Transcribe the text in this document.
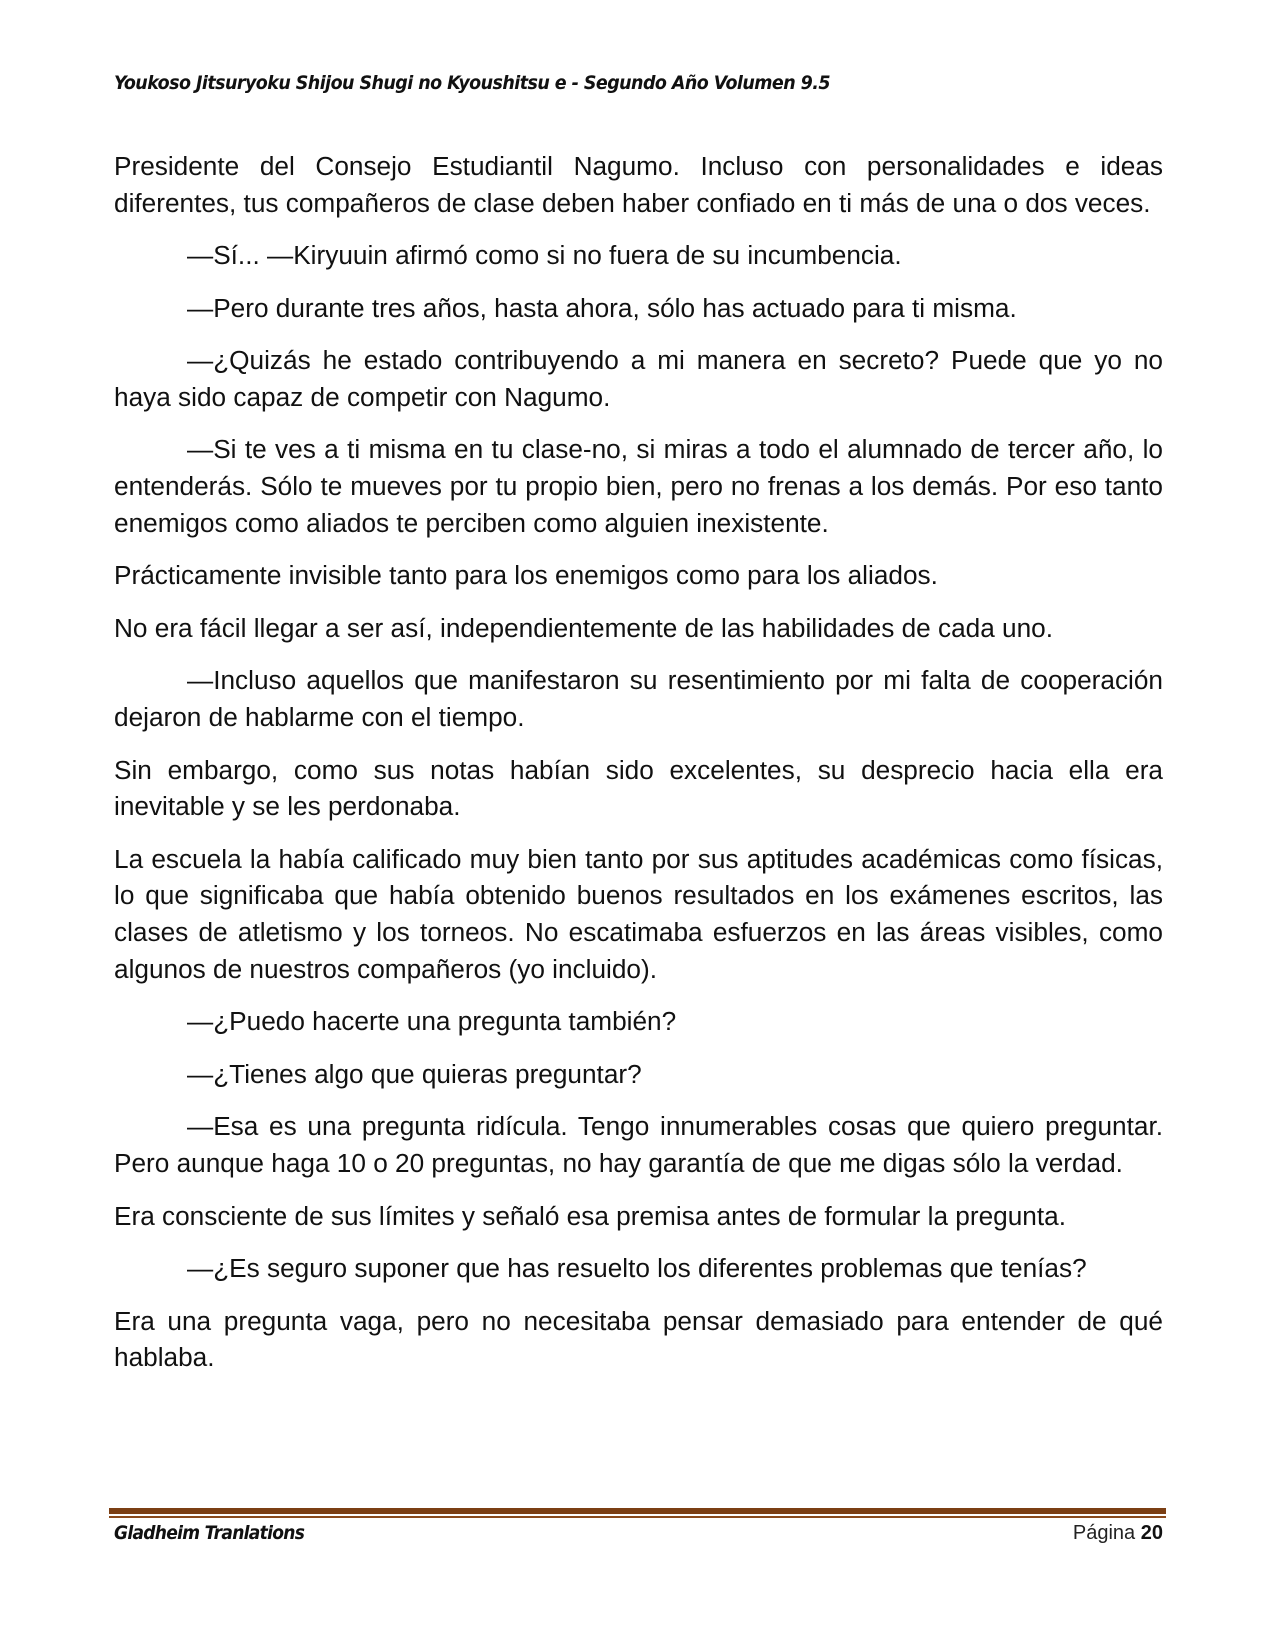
Youkoso Jitsuryoku Shijou Shugi no Kyoushitsu e - Segundo Año Volumen 9.5

Presidente del Consejo Estudiantil Nagumo. Incluso con personalidades e ideas diferentes, tus compañeros de clase deben haber confiado en ti más de una o dos veces.

—Sí... —Kiryuuin afirmó como si no fuera de su incumbencia.

—Pero durante tres años, hasta ahora, sólo has actuado para ti misma.

—¿Quizás he estado contribuyendo a mi manera en secreto? Puede que yo no haya sido capaz de competir con Nagumo.

—Si te ves a ti misma en tu clase-no, si miras a todo el alumnado de tercer año, lo entenderás. Sólo te mueves por tu propio bien, pero no frenas a los demás. Por eso tanto enemigos como aliados te perciben como alguien inexistente.

Prácticamente invisible tanto para los enemigos como para los aliados.

No era fácil llegar a ser así, independientemente de las habilidades de cada uno.

—Incluso aquellos que manifestaron su resentimiento por mi falta de cooperación dejaron de hablarme con el tiempo.

Sin embargo, como sus notas habían sido excelentes, su desprecio hacia ella era inevitable y se les perdonaba.

La escuela la había calificado muy bien tanto por sus aptitudes académicas como físicas, lo que significaba que había obtenido buenos resultados en los exámenes escritos, las clases de atletismo y los torneos. No escatimaba esfuerzos en las áreas visibles, como algunos de nuestros compañeros (yo incluido).

—¿Puedo hacerte una pregunta también?

—¿Tienes algo que quieras preguntar?

—Esa es una pregunta ridícula. Tengo innumerables cosas que quiero preguntar. Pero aunque haga 10 o 20 preguntas, no hay garantía de que me digas sólo la verdad.

Era consciente de sus límites y señaló esa premisa antes de formular la pregunta.

—¿Es seguro suponer que has resuelto los diferentes problemas que tenías?

Era una pregunta vaga, pero no necesitaba pensar demasiado para entender de qué hablaba.

Gladheim Tranlations	Página 20
